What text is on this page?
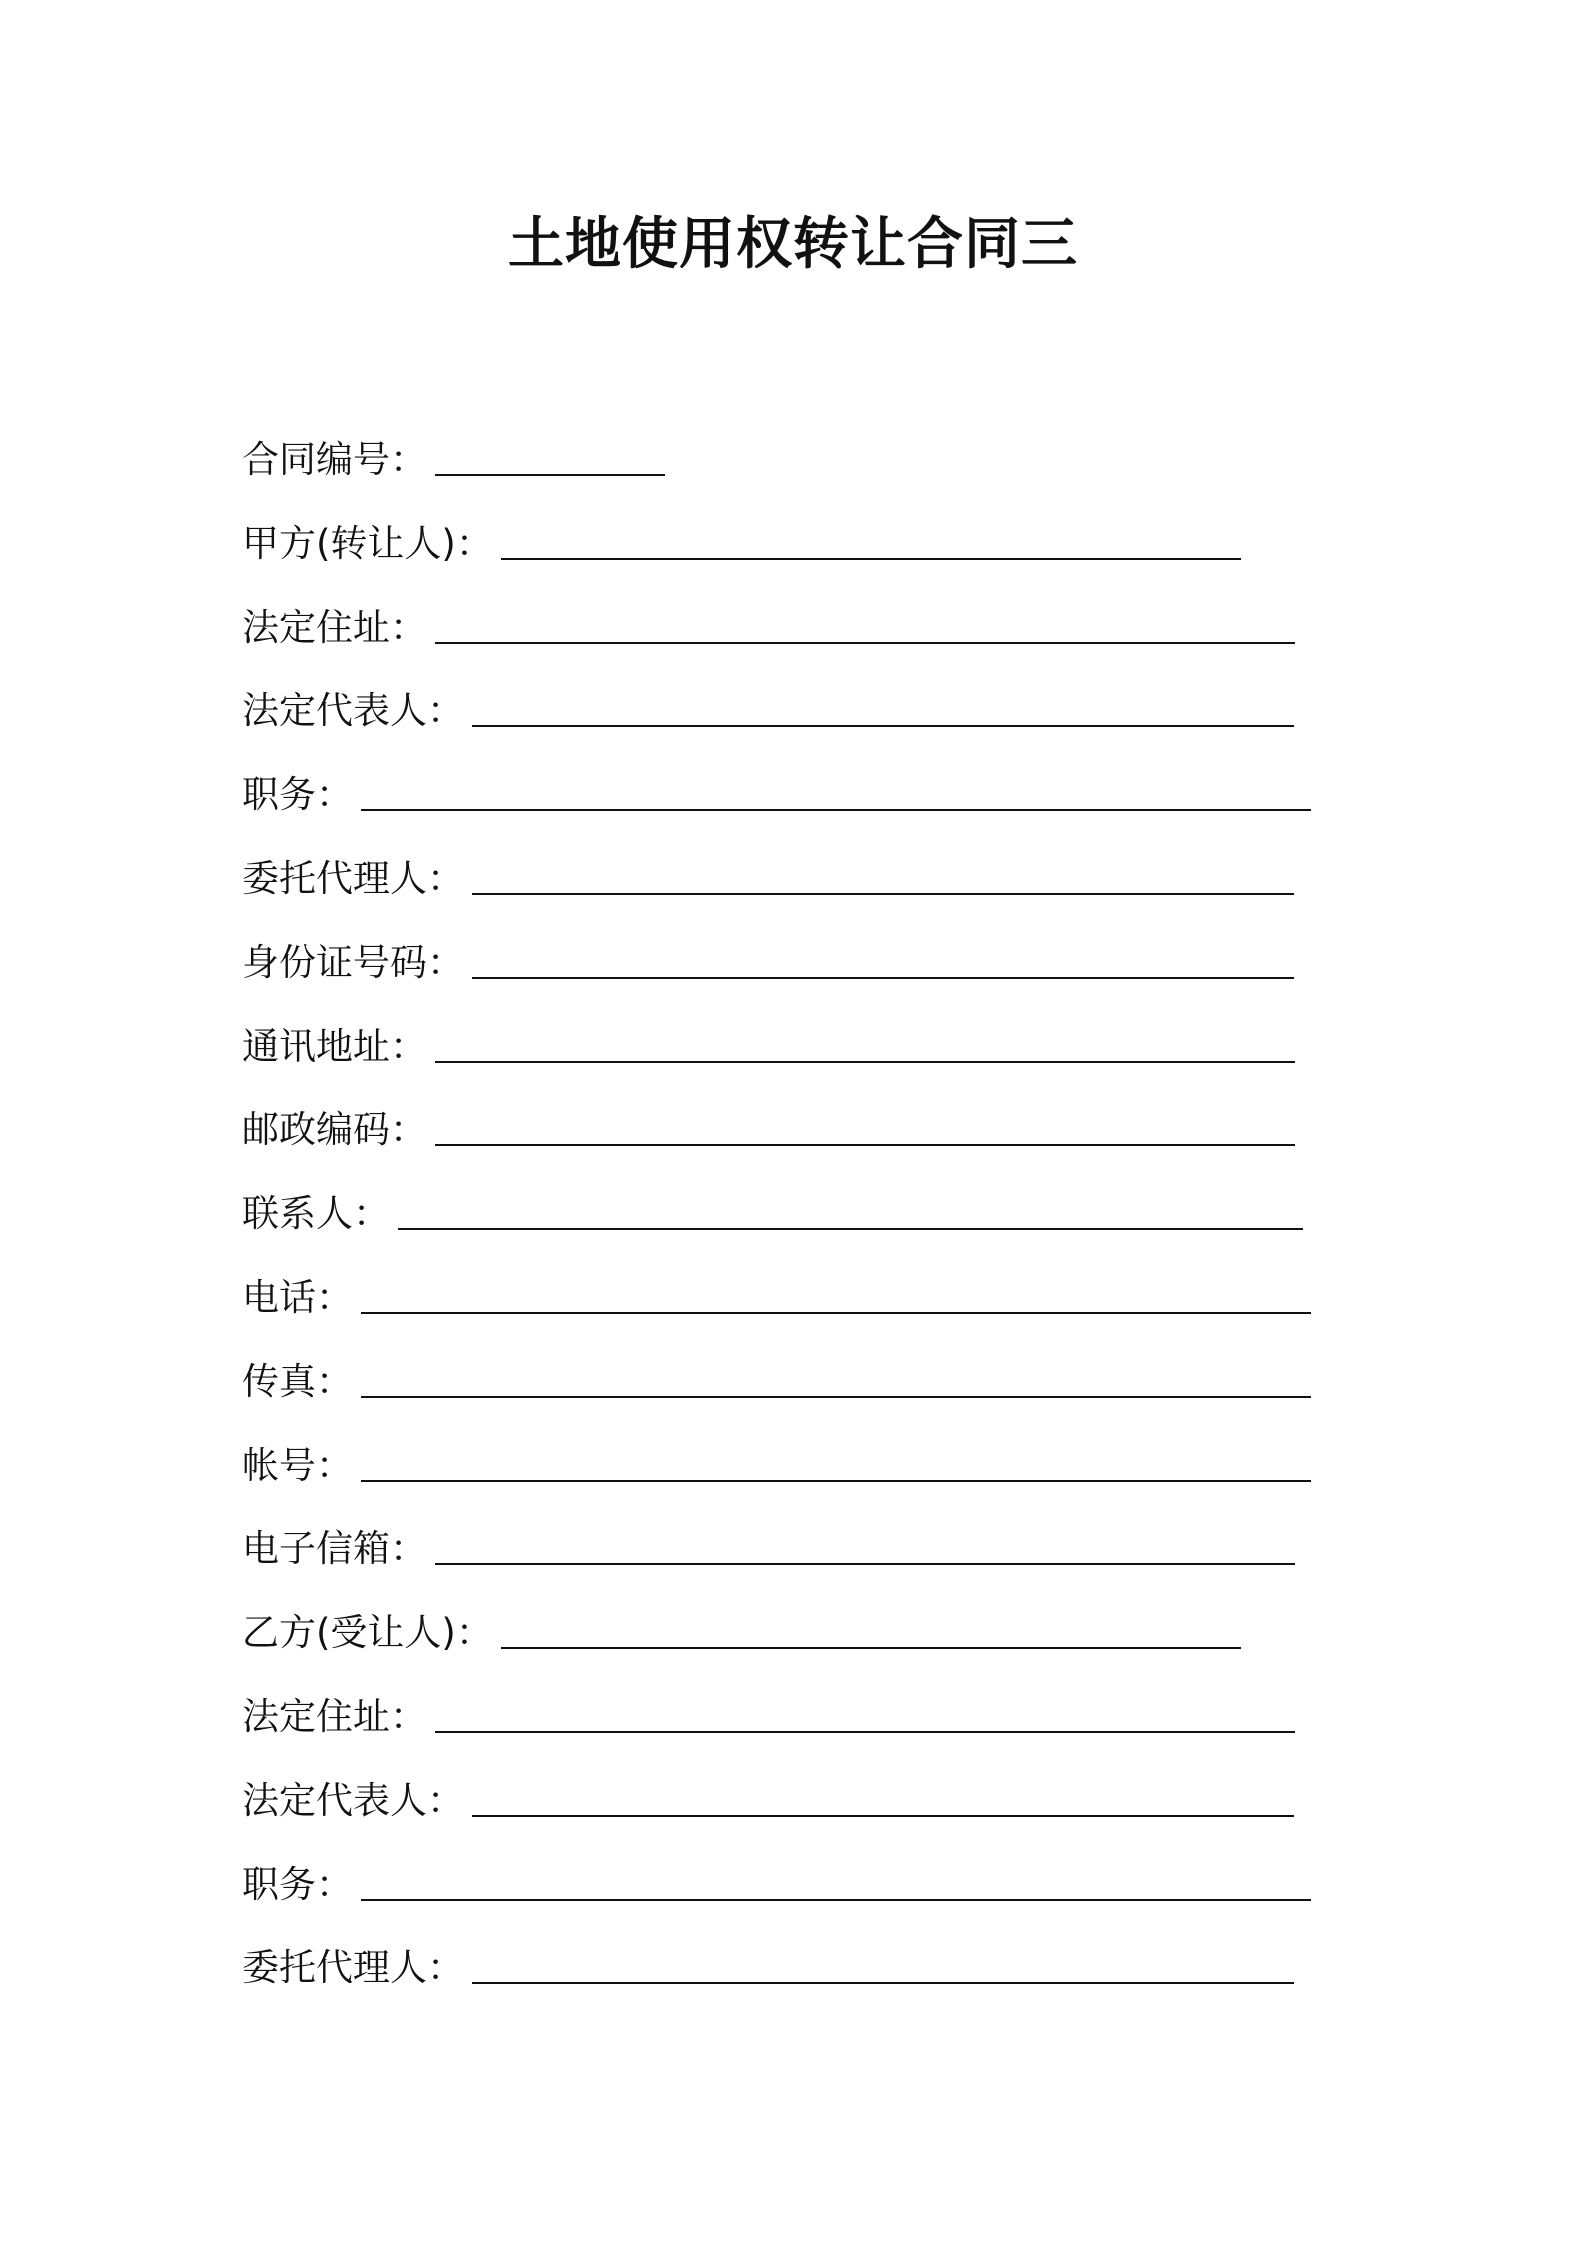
土地使用权转让合同三
合同编号：
甲方(转让人)：
法定住址：
法定代表人：
职务：
委托代理人：
身份证号码：
通讯地址：
邮政编码：
联系人：
电话：
传真：
帐号：
电子信箱：
乙方(受让人)：
法定住址：
法定代表人：
职务：
委托代理人：
